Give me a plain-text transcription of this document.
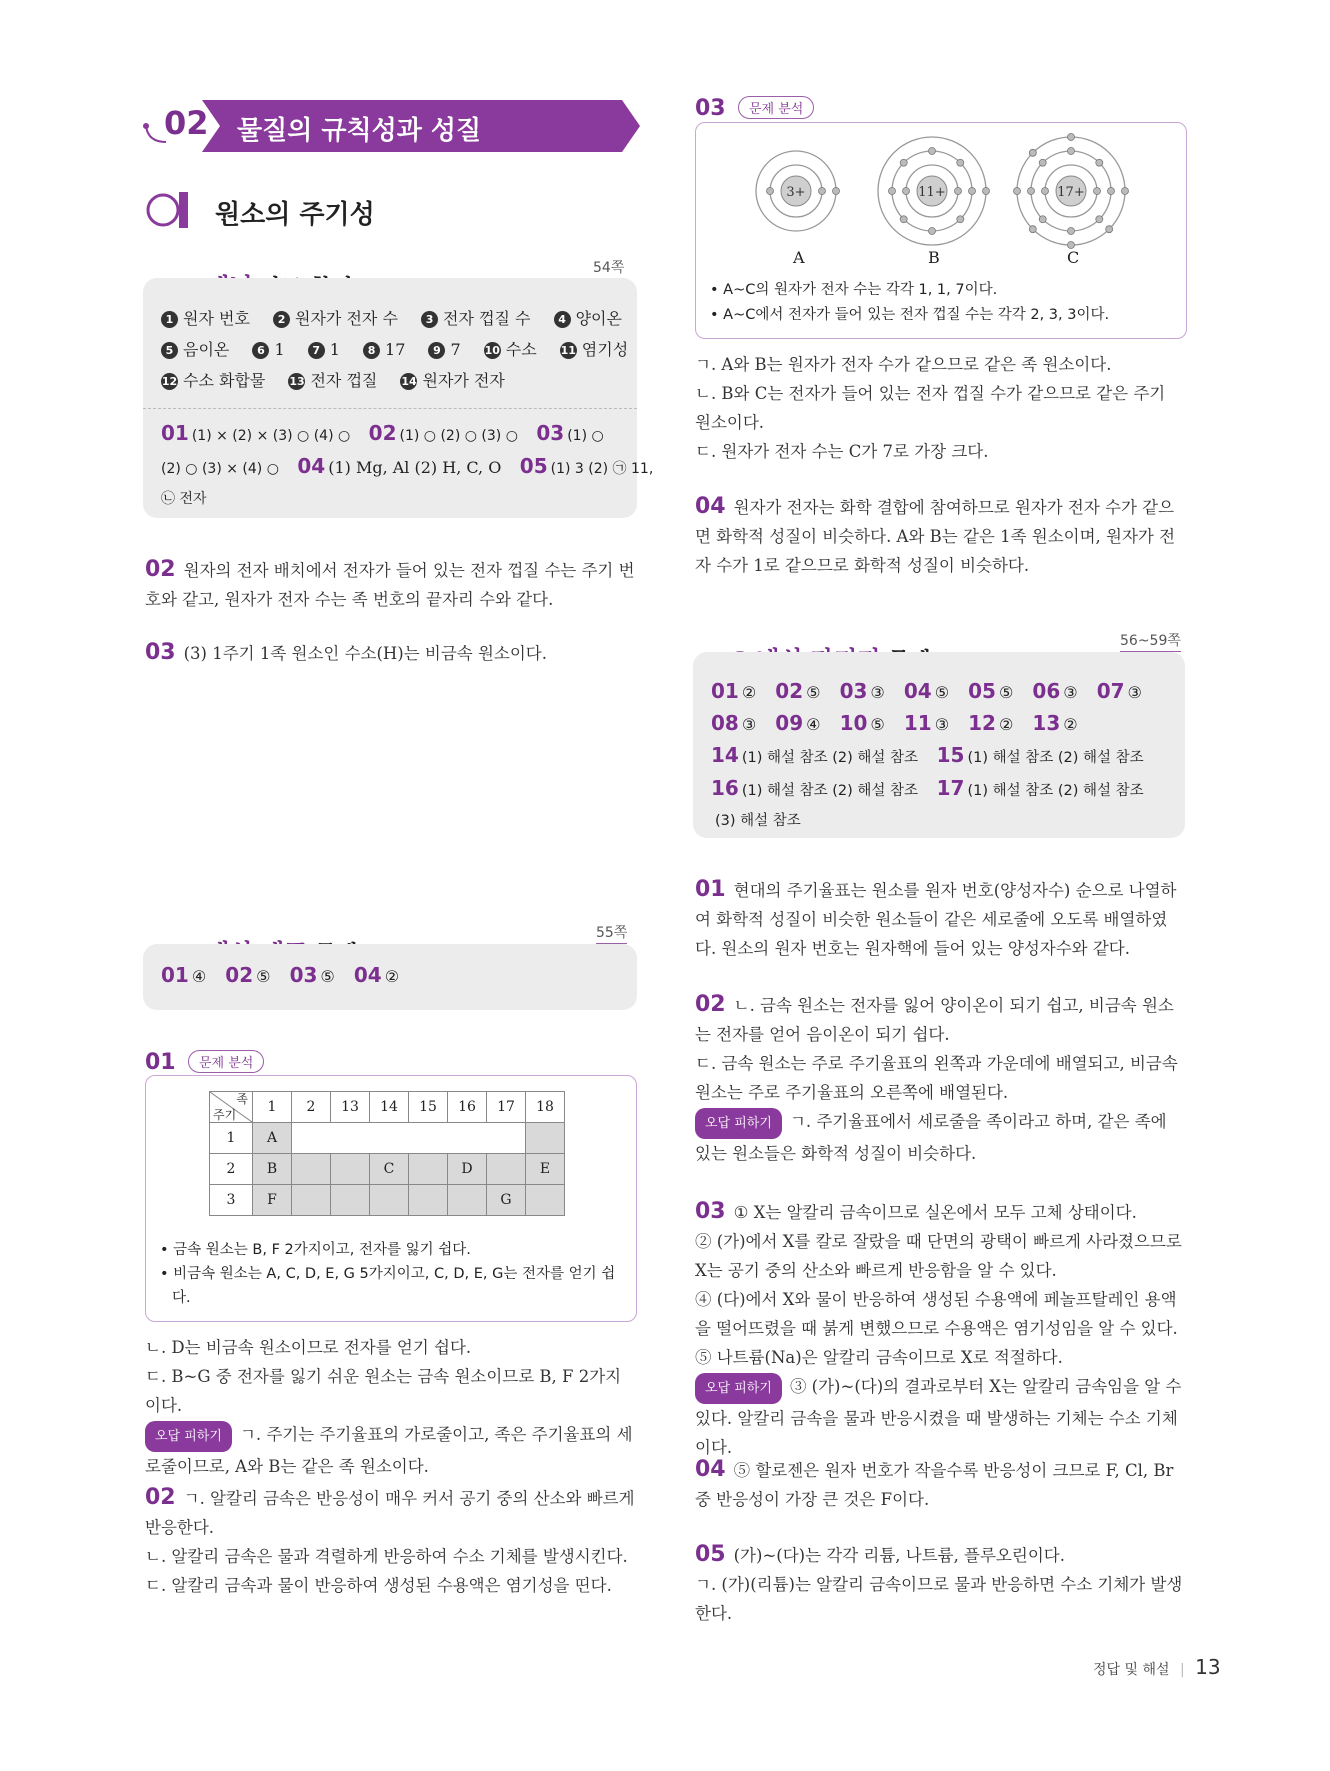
02 물질의 규칙성과 성질
원소의 주기성
54쪽
1 원자 번호	2 원자가 전자 수	3 전자 껍질 수	4 양이온
5 음이온	6 1	7 1	8 17	9 7 10 수소 11 염기성
12 수소 화합물 13 전자 껍질 14 원자가 전자
01 (1) × (2) × (3) ○ (4) ○ 02 (1) ○ (2) ○ (3) ○ 03 (1) ○
(2) ○ (3) × (4) ○ 04 (1) Mg, Al (2) H, C, O 05 (1) 3 (2) ㉠ 11,
㉡ 전자

02 원자의 전자 배치에서 전자가 들어 있는 전자 껍질 수는 주기 번호와 같고, 원자가 전자 수는 족 번호의 끝자리 수와 같다.

03 (3) 1주기 1족 원소인 수소(H)는 비금속 원소이다.

55쪽
01 ④ 02 ⑤ 03 ⑤ 04 ②
01	문제 분석
족
주기	1	2	13	14	15	16	17	18
1	A							
2	B			C		D		E
3	F						G	
• 금속 원소는 B, F 2가지이고, 전자를 잃기 쉽다.
• 비금속 원소는 A, C, D, E, G 5가지이고, C, D, E, G는 전자를 얻기 쉽다.

ㄴ. D는 비금속 원소이므로 전자를 얻기 쉽다.

ㄷ. B~G 중 전자를 잃기 쉬운 원소는 금속 원소이므로 B, F 2가지이다.

오답 피하기 ㄱ. 주기는 주기율표의 가로줄이고, 족은 주기율표의 세로줄이므로, A와 B는 같은 족 원소이다.

02 ㄱ. 알칼리 금속은 반응성이 매우 커서 공기 중의 산소와 빠르게 반응한다.

ㄴ. 알칼리 금속은 물과 격렬하게 반응하여 수소 기체를 발생시킨다.

ㄷ. 알칼리 금속과 물이 반응하여 생성된 수용액은 염기성을 띤다.

03	문제 분석
3+	11+	17+
A	B	C
• A~C의 원자가 전자 수는 각각 1, 1, 7이다.
• A~C에서 전자가 들어 있는 전자 껍질 수는 각각 2, 3, 3이다.

ㄱ. A와 B는 원자가 전자 수가 같으므로 같은 족 원소이다.

ㄴ. B와 C는 전자가 들어 있는 전자 껍질 수가 같으므로 같은 주기 원소이다.

ㄷ. 원자가 전자 수는 C가 7로 가장 크다.

04 원자가 전자는 화학 결합에 참여하므로 원자가 전자 수가 같으면 화학적 성질이 비슷하다. A와 B는 같은 1족 원소이며, 원자가 전자 수가 1로 같으므로 화학적 성질이 비슷하다.

56~59쪽
01 ② 02 ⑤ 03 ③ 04 ⑤ 05 ⑤ 06 ③ 07 ③
08 ③ 09 ④ 10 ⑤ 11 ③ 12 ② 13 ②
14 (1) 해설 참조 (2) 해설 참조 15 (1) 해설 참조 (2) 해설 참조
16 (1) 해설 참조 (2) 해설 참조 17 (1) 해설 참조 (2) 해설 참조
(3) 해설 참조

01 현대의 주기율표는 원소를 원자 번호(양성자수) 순으로 나열하여 화학적 성질이 비슷한 원소들이 같은 세로줄에 오도록 배열하였다. 원소의 원자 번호는 원자핵에 들어 있는 양성자수와 같다.

02 ㄴ. 금속 원소는 전자를 잃어 양이온이 되기 쉽고, 비금속 원소는 전자를 얻어 음이온이 되기 쉽다.

ㄷ. 금속 원소는 주로 주기율표의 왼쪽과 가운데에 배열되고, 비금속 원소는 주로 주기율표의 오른쪽에 배열된다.

오답 피하기 ㄱ. 주기율표에서 세로줄을 족이라고 하며, 같은 족에 있는 원소들은 화학적 성질이 비슷하다.

03 ① X는 알칼리 금속이므로 실온에서 모두 고체 상태이다.

② (가)에서 X를 칼로 잘랐을 때 단면의 광택이 빠르게 사라졌으므로 X는 공기 중의 산소와 빠르게 반응함을 알 수 있다.

④ (다)에서 X와 물이 반응하여 생성된 수용액에 페놀프탈레인 용액을 떨어뜨렸을 때 붉게 변했으므로 수용액은 염기성임을 알 수 있다.

⑤ 나트륨(Na)은 알칼리 금속이므로 X로 적절하다.

오답 피하기 ③ (가)~(다)의 결과로부터 X는 알칼리 금속임을 알 수 있다. 알칼리 금속을 물과 반응시켰을 때 발생하는 기체는 수소 기체이다.

04 ⑤ 할로젠은 원자 번호가 작을수록 반응성이 크므로 F, Cl, Br 중 반응성이 가장 큰 것은 F이다.

05 (가)~(다)는 각각 리튬, 나트륨, 플루오린이다.

ㄱ. (가)(리튬)는 알칼리 금속이므로 물과 반응하면 수소 기체가 발생한다.

정답 및 해설 | 13
